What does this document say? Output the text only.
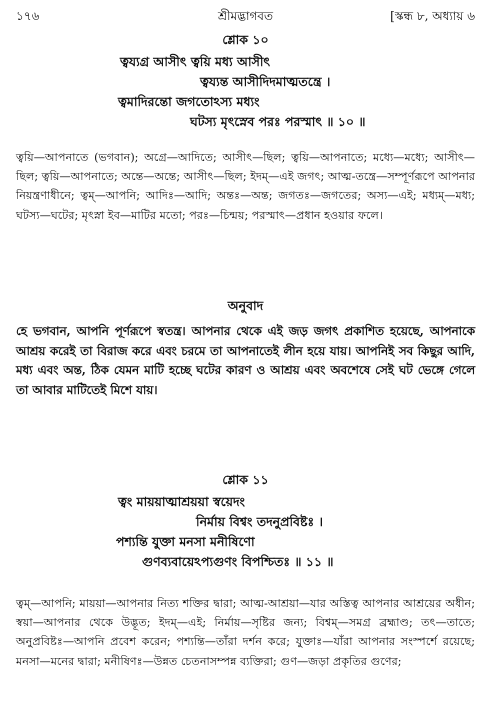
১৭৬	শ্রীমদ্ভাগবত	[স্কন্ধ ৮, অধ্যায় ৬

শ্লোক ১০

ত্বয্যগ্র আসীৎ ত্বয়ি মধ্য আসীৎ
ত্বয্যন্ত আসীদিদমাত্মতন্ত্রে ।
ত্বমাদিরন্তো জগতোঽস্য মধ্যং
ঘটস্য মৃৎস্নেব পরঃ পরস্মাৎ ॥ ১০ ॥
ত্বয়ি—আপনাতে (ভগবান); অগ্রে—আদিতে; আসীৎ—ছিল; ত্বয়ি—আপনাতে; মধ্যে—মধ্যে; আসীৎ—ছিল; ত্বয়ি—আপনাতে; অন্তে—অন্তে; আসীৎ—ছিল; ইদম্—এই জগৎ; আত্ম-তন্ত্রে—সম্পূর্ণরূপে আপনার নিয়ন্ত্রণাধীনে; ত্বম্—আপনি; আদিঃ—আদি; অন্তঃ—অন্ত; জগতঃ—জগতের; অস্য—এই; মধ্যম্—মধ্য; ঘটস্য—ঘটের; মৃৎস্না ইব—মাটির মতো; পরঃ—চিন্ময়; পরস্মাৎ—প্রধান হওয়ার ফলে।

অনুবাদ

হে ভগবান, আপনি পূর্ণরূপে স্বতন্ত্র। আপনার থেকে এই জড় জগৎ প্রকাশিত হয়েছে, আপনাকে আশ্রয় করেই তা বিরাজ করে এবং চরমে তা আপনাতেই লীন হয়ে যায়। আপনিই সব কিছুর আদি, মধ্য এবং অন্ত, ঠিক যেমন মাটি হচ্ছে ঘটের কারণ ও আশ্রয় এবং অবশেষে সেই ঘট ভেঙ্গে গেলে তা আবার মাটিতেই মিশে যায়।

শ্লোক ১১

ত্বং মায়য়াত্মাশ্রয়য়া স্বয়েদং
নির্মায় বিশ্বং তদনুপ্রবিষ্টঃ ।
পশ্যন্তি যুক্তা মনসা মনীষিণো
গুণব্যবায়েঽপ্যগুণং বিপশ্চিতঃ ॥ ১১ ॥
ত্বম্—আপনি; মায়য়া—আপনার নিত্য শক্তির দ্বারা; আত্ম-আশ্রয়া—যার অস্তিত্ব আপনার আশ্রয়ের অধীন; স্বয়া—আপনার থেকে উদ্ভূত; ইদম্—এই; নির্মায়—সৃষ্টির জন্য; বিশ্বম্—সমগ্র ব্রহ্মাণ্ড; তৎ—তাতে; অনুপ্রবিষ্টঃ—আপনি প্রবেশ করেন; পশ্যন্তি—তাঁরা দর্শন করে; যুক্তাঃ—যাঁরা আপনার সংস্পর্শে রয়েছে; মনসা—মনের দ্বারা; মনীষিণঃ—উন্নত চেতনাসম্পন্ন ব্যক্তিরা; গুণ—জড়া প্রকৃতির গুণের;
